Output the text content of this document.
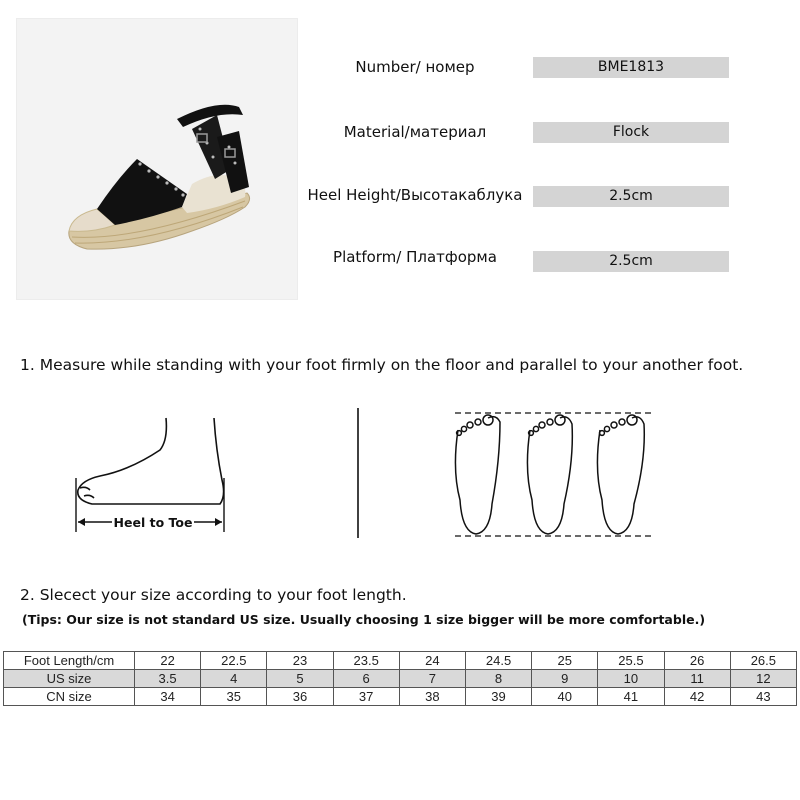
Number/ номер	BME1813
Material/материал	Flock
Heel Height/Высотакаблука	2.5cm
Platform/ Платформа	2.5cm
1. Measure while standing with your foot firmly on the floor and parallel to your another foot.
Heel to Toe
2. Slecect your size according to your foot length.
(Tips: Our size is not standard US size. Usually choosing 1 size bigger will be more comfortable.)
Foot Length/cm	22	22.5	23	23.5	24	24.5	25	25.5	26	26.5
US size	3.5	4	5	6	7	8	9	10	11	12
CN size	34	35	36	37	38	39	40	41	42	43
